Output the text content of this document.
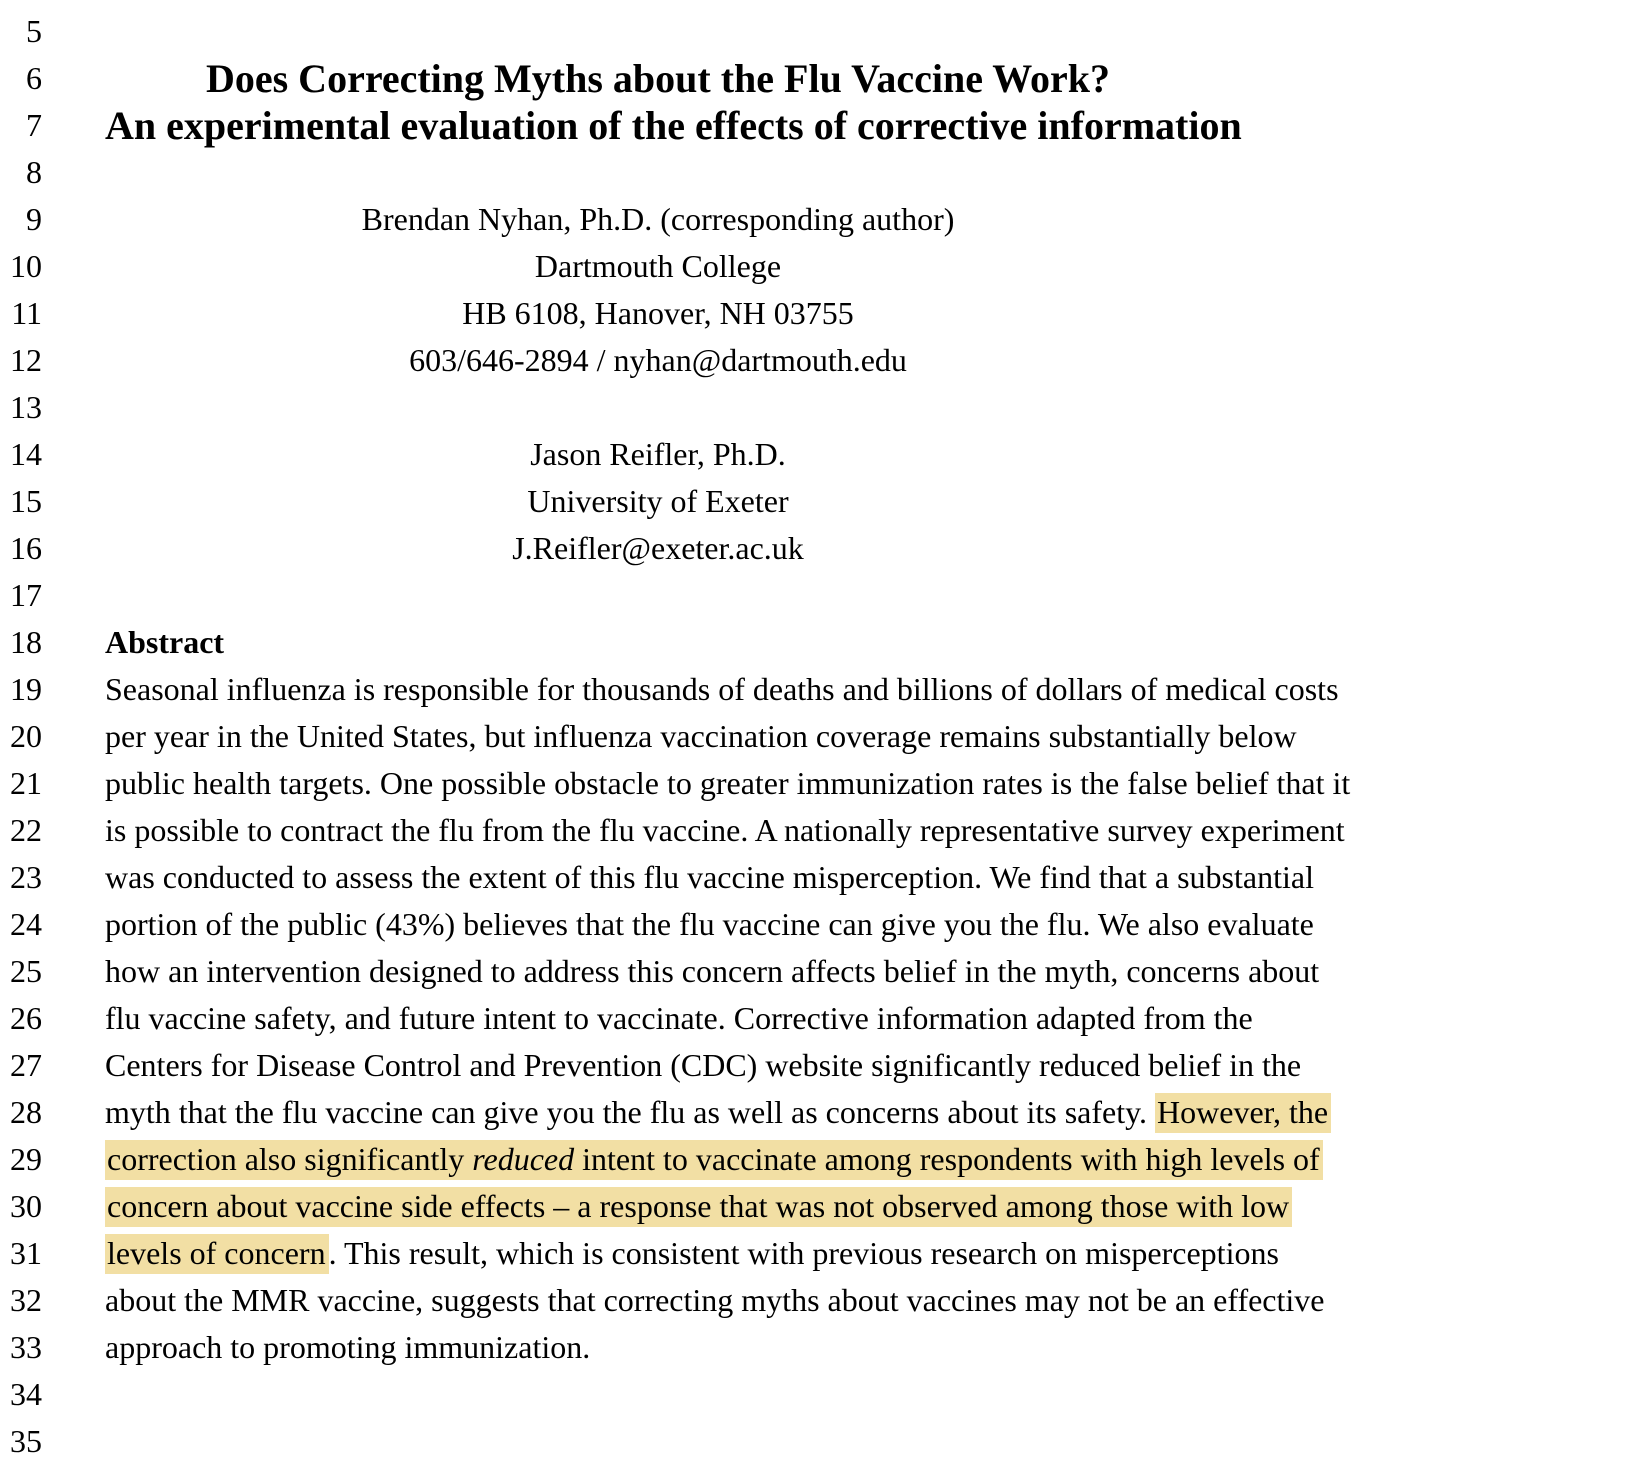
5
6	Does Correcting Myths about the Flu Vaccine Work?
7 An experimental evaluation of the effects of corrective information
8
9	Brendan Nyhan, Ph.D. (corresponding author)
10	Dartmouth College
11	HB 6108, Hanover, NH 03755
12	603/646-2894 / nyhan@dartmouth.edu
13
14	Jason Reifler, Ph.D.
15	University of Exeter
16	J.Reifler@exeter.ac.uk
17
18 Abstract
19 Seasonal influenza is responsible for thousands of deaths and billions of dollars of medical costs
20 per year in the United States, but influenza vaccination coverage remains substantially below
21 public health targets. One possible obstacle to greater immunization rates is the false belief that it
22 is possible to contract the flu from the flu vaccine. A nationally representative survey experiment
23 was conducted to assess the extent of this flu vaccine misperception. We find that a substantial
24 portion of the public (43%) believes that the flu vaccine can give you the flu. We also evaluate
25 how an intervention designed to address this concern affects belief in the myth, concerns about
26 flu vaccine safety, and future intent to vaccinate. Corrective information adapted from the
27 Centers for Disease Control and Prevention (CDC) website significantly reduced belief in the
28 myth that the flu vaccine can give you the flu as well as concerns about its safety. However, the
29 correction also significantly reduced intent to vaccinate among respondents with high levels of
30 concern about vaccine side effects – a response that was not observed among those with low
31 levels of concern. This result, which is consistent with previous research on misperceptions
32 about the MMR vaccine, suggests that correcting myths about vaccines may not be an effective
33 approach to promoting immunization.
34
35
